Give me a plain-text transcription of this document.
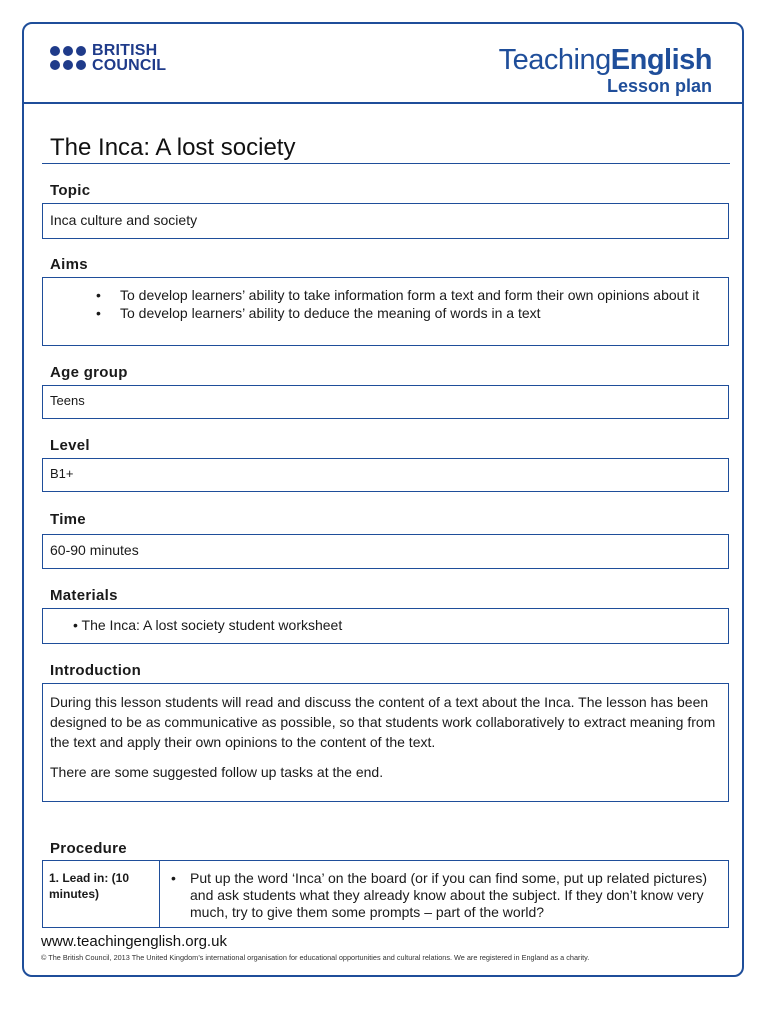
BRITISH
COUNCIL	TeachingEnglish
Lesson plan
The Inca: A lost society
Topic
Inca culture and society
Aims
• To develop learners’ ability to take information form a text and form their own opinions about it
• To develop learners’ ability to deduce the meaning of words in a text
Age group
Teens
Level
B1+
Time
60-90 minutes
Materials
• The Inca: A lost society student worksheet
Introduction

During this lesson students will read and discuss the content of a text about the Inca. The lesson has been designed to be as communicative as possible, so that students work collaboratively to extract meaning from the text and apply their own opinions to the content of the text.

There are some suggested follow up tasks at the end.

Procedure
1. Lead in: (10 minutes)
• Put up the word ‘Inca’ on the board (or if you can find some, put up related pictures) and ask students what they already know about the subject. If they don’t know very much, try to give them some prompts – part of the world?
www.teachingenglish.org.uk
© The British Council, 2013 The United Kingdom’s international organisation for educational opportunities and cultural relations. We are registered in England as a charity.
